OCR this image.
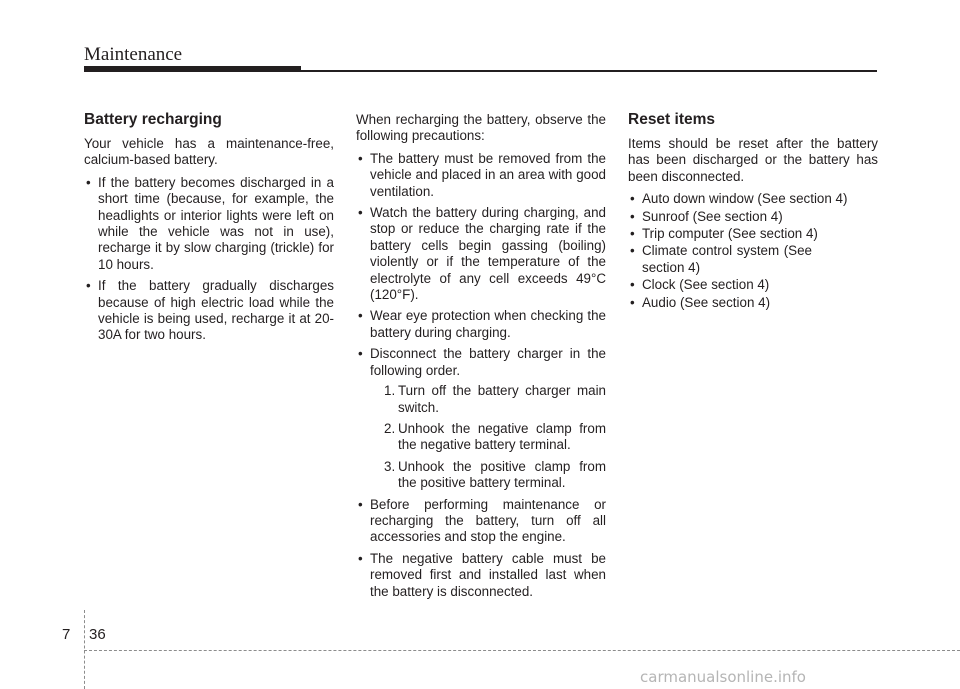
Maintenance
Battery recharging

Your vehicle has a maintenance-free, calcium-based battery.

• If the battery becomes discharged in a short time (because, for example, the headlights or interior lights were left on while the vehicle was not in use), recharge it by slow charging (trickle) for 10 hours.
• If the battery gradually discharges because of high electric load while the vehicle is being used, recharge it at 20-30A for two hours.

When recharging the battery, observe the following precautions:

• The battery must be removed from the vehicle and placed in an area with good ventilation.
• Watch the battery during charging, and stop or reduce the charging rate if the battery cells begin gassing (boiling) violently or if the temperature of the electrolyte of any cell exceeds 49°C (120°F).
• Wear eye protection when checking the battery during charging.
• Disconnect the battery charger in the following order.
1. Turn off the battery charger main switch.
2. Unhook the negative clamp from the negative battery terminal.
3. Unhook the positive clamp from the positive battery terminal.
• Before performing maintenance or recharging the battery, turn off all accessories and stop the engine.
• The negative battery cable must be removed first and installed last when the battery is disconnected.
Reset items

Items should be reset after the battery has been discharged or the battery has been disconnected.

• Auto down window (See section 4)
• Sunroof (See section 4)
• Trip computer (See section 4)
• Climate control system (See section 4)
• Clock (See section 4)
• Audio (See section 4)
7 36
carmanualsonline.info
